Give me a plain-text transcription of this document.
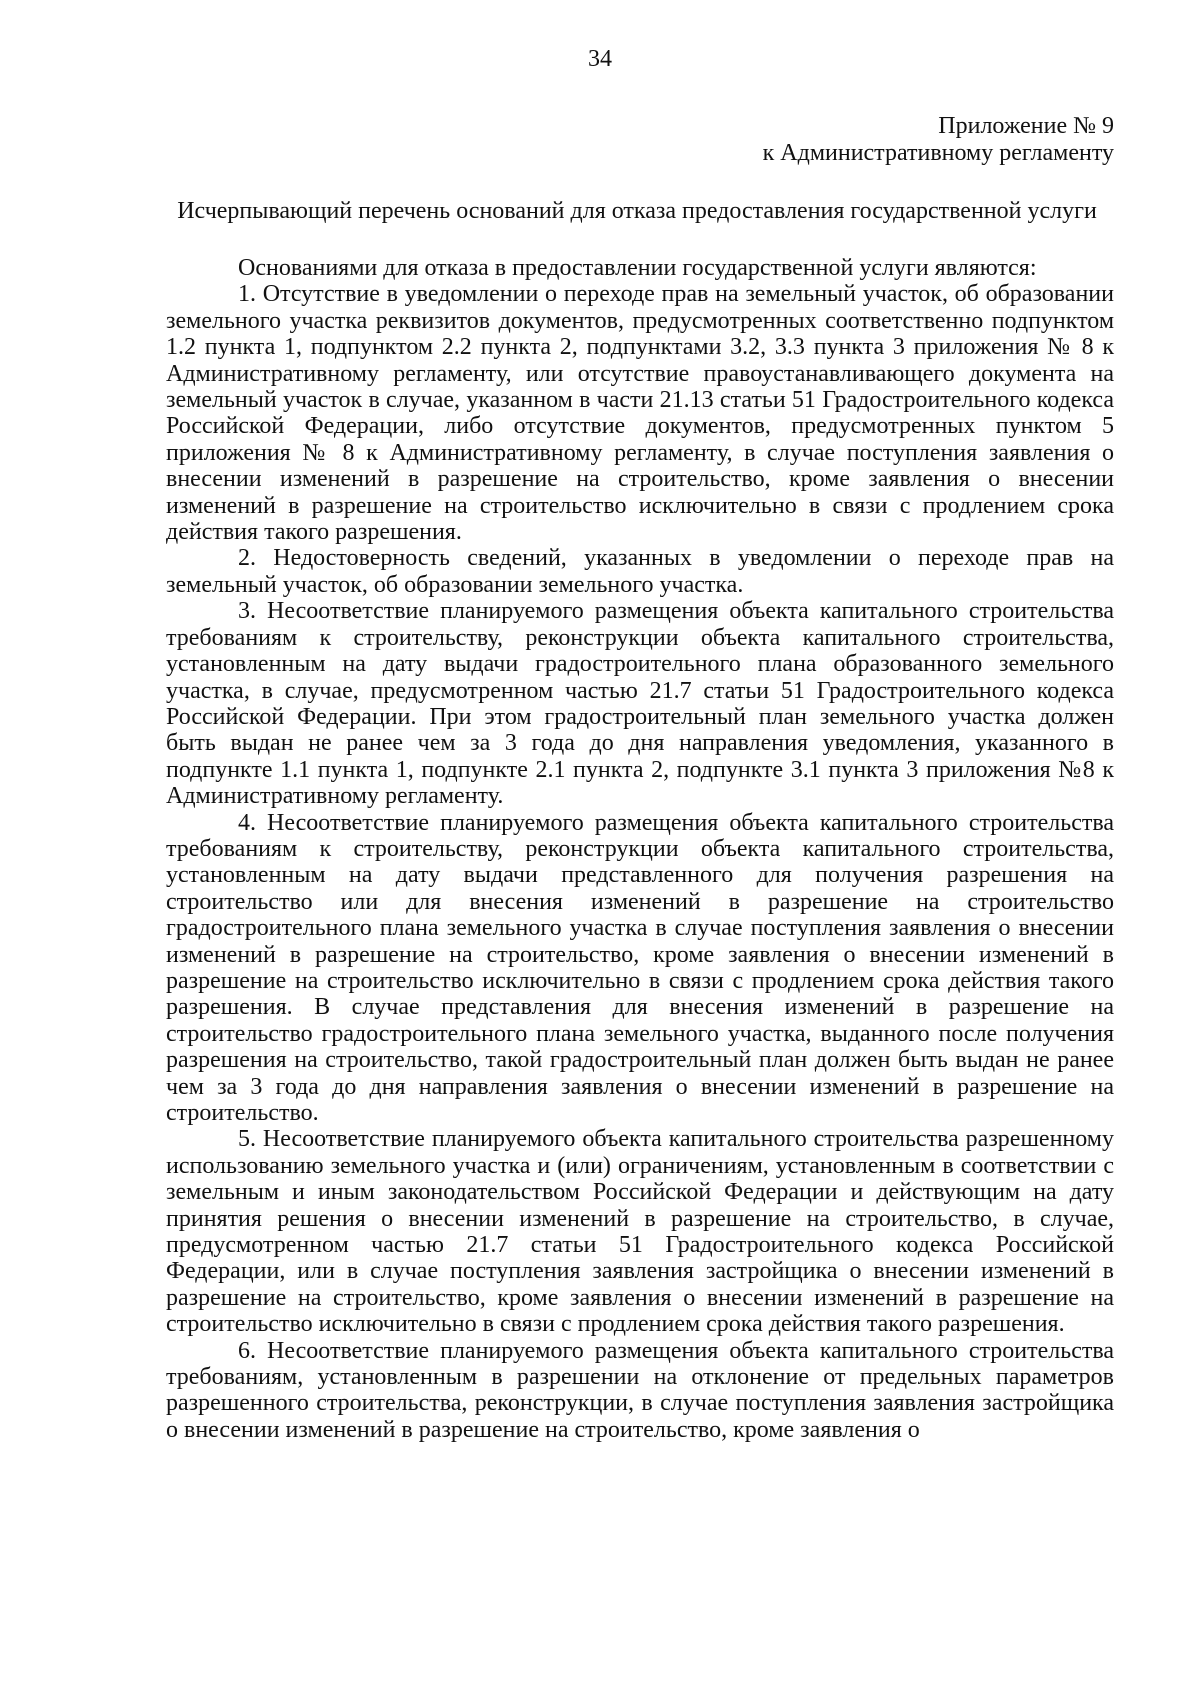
34
Приложение № 9
к Административному регламенту
Исчерпывающий перечень оснований для отказа предоставления государственной услуги

Основаниями для отказа в предоставлении государственной услуги являются:

1. Отсутствие в уведомлении о переходе прав на земельный участок, об образовании земельного участка реквизитов документов, предусмотренных соответственно подпунктом 1.2 пункта 1, подпунктом 2.2 пункта 2, подпунктами 3.2, 3.3 пункта 3 приложения № 8 к Административному регламенту, или отсутствие правоустанавливающего документа на земельный участок в случае, указанном в части 21.13 статьи 51 Градостроительного кодекса Российской Федерации, либо отсутствие документов, предусмотренных пунктом 5 приложения № 8 к Административному регламенту, в случае поступления заявления о внесении изменений в разрешение на строительство, кроме заявления о внесении изменений в разрешение на строительство исключительно в связи с продлением срока действия такого разрешения.

2. Недостоверность сведений, указанных в уведомлении о переходе прав на земельный участок, об образовании земельного участка.

3. Несоответствие планируемого размещения объекта капитального строительства требованиям к строительству, реконструкции объекта капитального строительства, установленным на дату выдачи градостроительного плана образованного земельного участка, в случае, предусмотренном частью 21.7 статьи 51 Градостроительного кодекса Российской Федерации. При этом градостроительный план земельного участка должен быть выдан не ранее чем за 3 года до дня направления уведомления, указанного в подпункте 1.1 пункта 1, подпункте 2.1 пункта 2, подпункте 3.1 пункта 3 приложения №8 к Административному регламенту.

4. Несоответствие планируемого размещения объекта капитального строительства требованиям к строительству, реконструкции объекта капитального строительства, установленным на дату выдачи представленного для получения разрешения на строительство или для внесения изменений в разрешение на строительство градостроительного плана земельного участка в случае поступления заявления о внесении изменений в разрешение на строительство, кроме заявления о внесении изменений в разрешение на строительство исключительно в связи с продлением срока действия такого разрешения. В случае представления для внесения изменений в разрешение на строительство градостроительного плана земельного участка, выданного после получения разрешения на строительство, такой градостроительный план должен быть выдан не ранее чем за 3 года до дня направления заявления о внесении изменений в разрешение на строительство.

5. Несоответствие планируемого объекта капитального строительства разрешенному использованию земельного участка и (или) ограничениям, установленным в соответствии с земельным и иным законодательством Российской Федерации и действующим на дату принятия решения о внесении изменений в разрешение на строительство, в случае, предусмотренном частью 21.7 статьи 51 Градостроительного кодекса Российской Федерации, или в случае поступления заявления застройщика о внесении изменений в разрешение на строительство, кроме заявления о внесении изменений в разрешение на строительство исключительно в связи с продлением срока действия такого разрешения.

6. Несоответствие планируемого размещения объекта капитального строительства требованиям, установленным в разрешении на отклонение от предельных параметров разрешенного строительства, реконструкции, в случае поступления заявления застройщика о внесении изменений в разрешение на строительство, кроме заявления о
